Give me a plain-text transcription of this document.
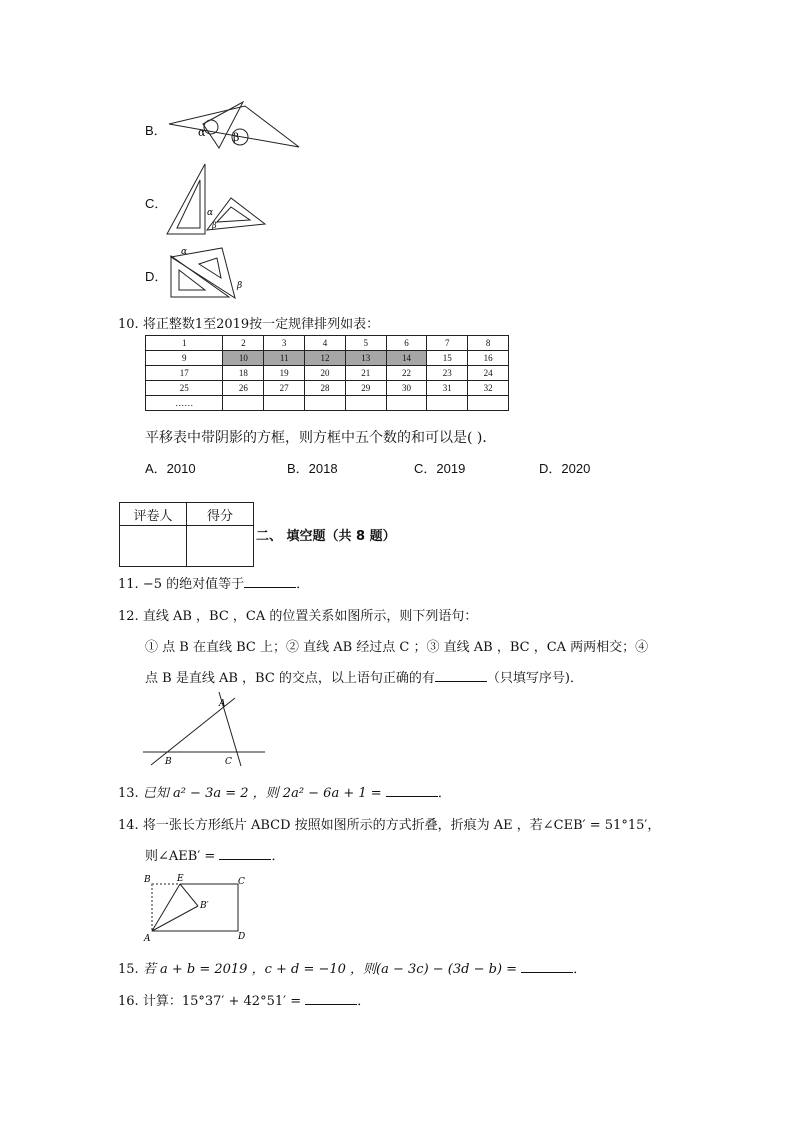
B．	α	β
C．
α
β
D．
α
β
10. 将正整数1至2019按一定规律排列如表：
1	2	3	4	5	6	7	8
9	10	11	12	13	14	15	16
17	18	19	20	21	22	23	24
25	26	27	28	29	30	31	32
……							
平移表中带阴影的方框，则方框中五个数的和可以是( )．
A．2010	B．2018	C．2019	D．2020
评卷人	得分

二、 填空题（共 8 题）
11. −5 的绝对值等于	．
12. 直线 AB ，BC ，CA 的位置关系如图所示，则下列语句：
① 点 B 在直线 BC 上；② 直线 AB 经过点 C ；③ 直线 AB ，BC ，CA 两两相交；④
点 B 是直线 AB ，BC 的交点，以上语句正确的有	（只填写序号)．
A
B	C
13. 已知 a² − 3a = 2 ，则 2a² − 6a + 1 =	．
14. 将一张长方形纸片 ABCD 按照如图所示的方式折叠，折痕为 AE ，若∠CEB′ = 51°15′，
则∠AEB′ =	．
B	E	C
B′
A	D
15. 若 a + b = 2019 ，c + d = −10 ，则(a − 3c) − (3d − b) =	．
16. 计算：15°37′ + 42°51′ =	．
